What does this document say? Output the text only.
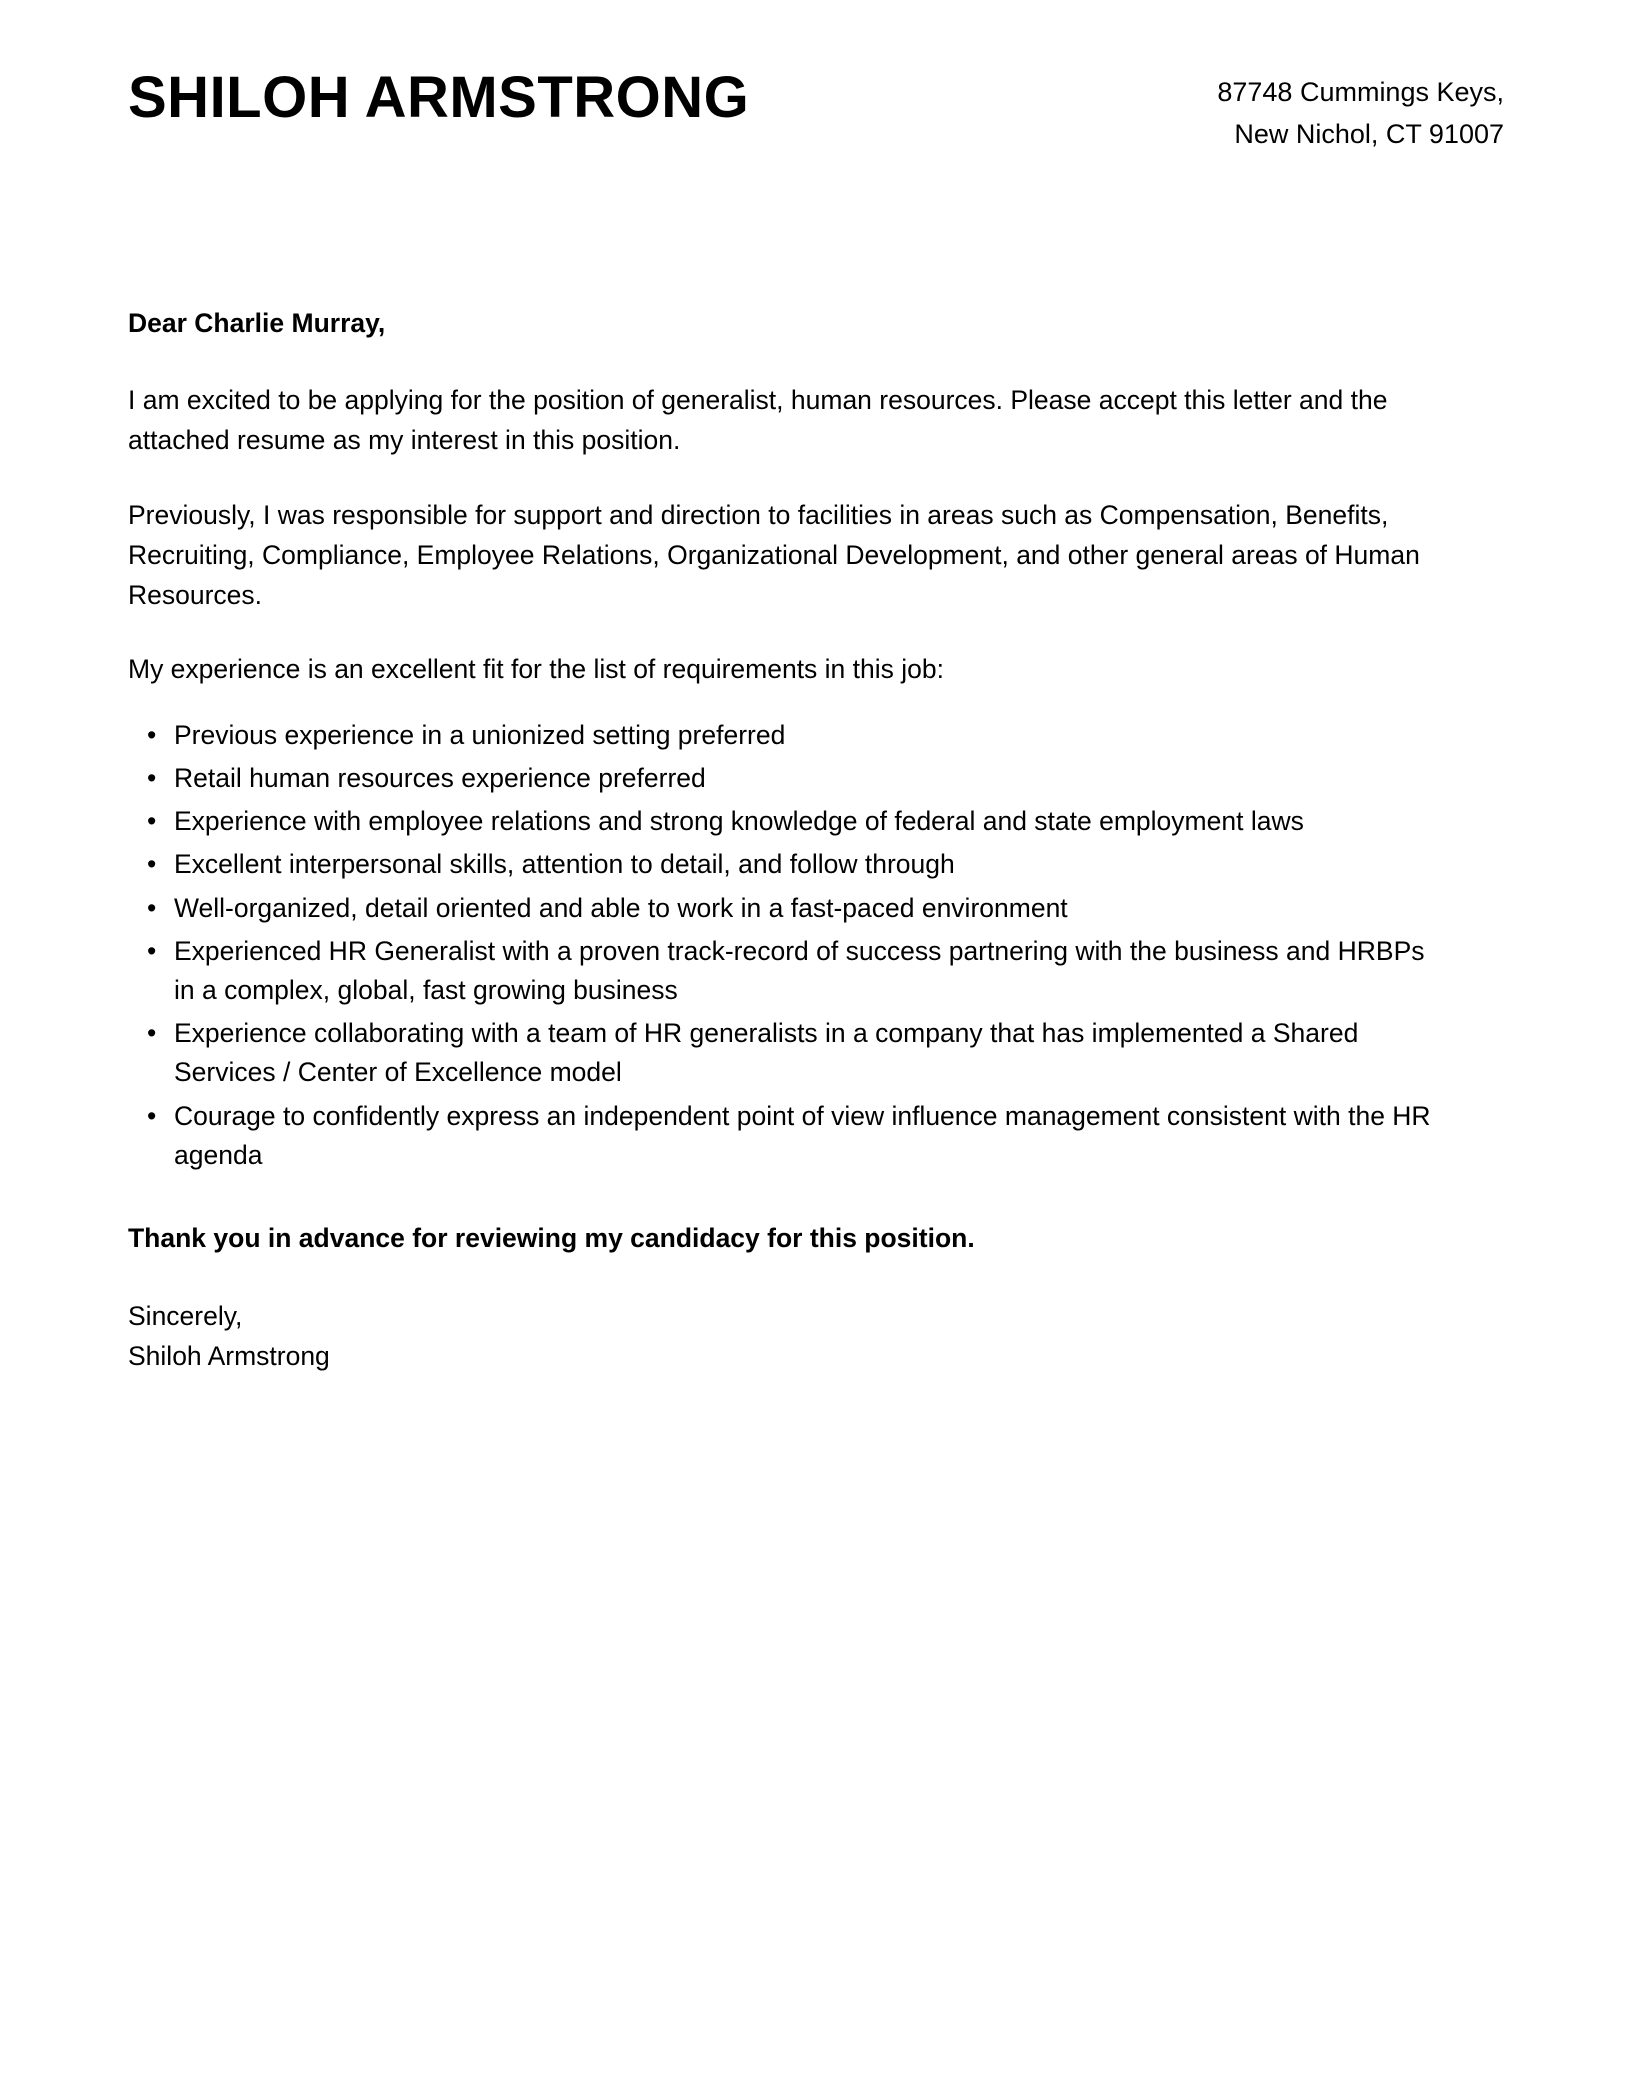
SHILOH ARMSTRONG	87748 Cummings Keys,
New Nichol, CT 91007

Dear Charlie Murray,

I am excited to be applying for the position of generalist, human resources. Please accept this letter and the attached resume as my interest in this position.

Previously, I was responsible for support and direction to facilities in areas such as Compensation, Benefits, Recruiting, Compliance, Employee Relations, Organizational Development, and other general areas of Human Resources.

My experience is an excellent fit for the list of requirements in this job:

• Previous experience in a unionized setting preferred
• Retail human resources experience preferred
• Experience with employee relations and strong knowledge of federal and state employment laws
• Excellent interpersonal skills, attention to detail, and follow through
• Well-organized, detail oriented and able to work in a fast-paced environment
• Experienced HR Generalist with a proven track-record of success partnering with the business and HRBPs in a complex, global, fast growing business
• Experience collaborating with a team of HR generalists in a company that has implemented a Shared Services / Center of Excellence model
• Courage to confidently express an independent point of view influence management consistent with the HR agenda

Thank you in advance for reviewing my candidacy for this position.

Sincerely,
Shiloh Armstrong
